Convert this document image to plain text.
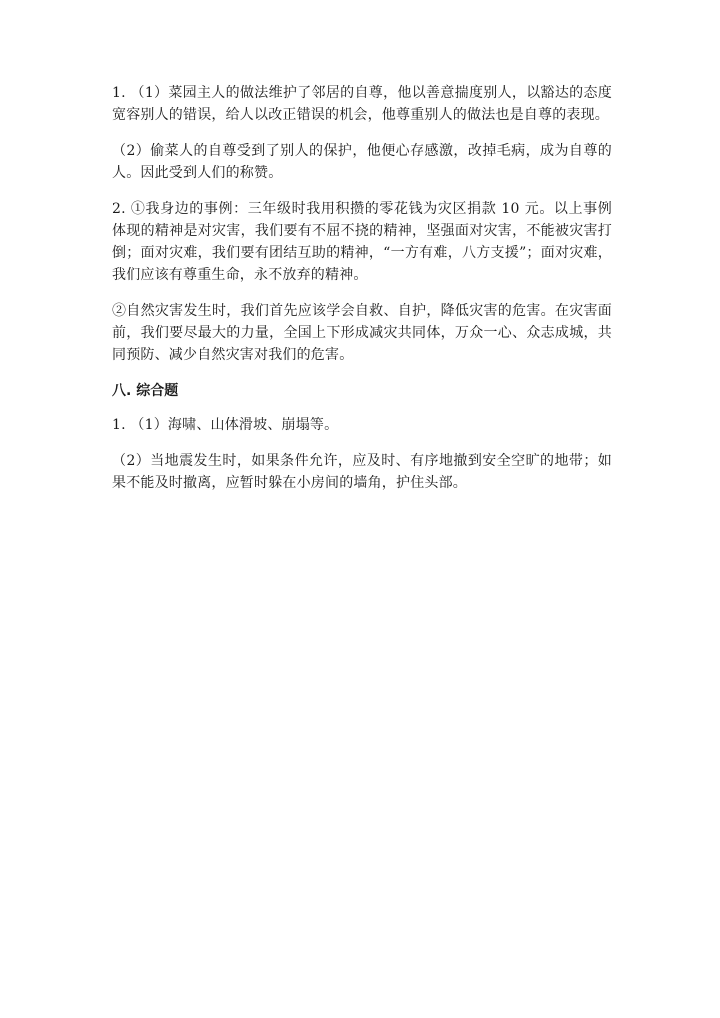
1. （1）菜园主人的做法维护了邻居的自尊，他以善意揣度别人，以豁达的态度宽容别人的错误，给人以改正错误的机会，他尊重别人的做法也是自尊的表现。

（2）偷菜人的自尊受到了别人的保护，他便心存感激，改掉毛病，成为自尊的人。因此受到人们的称赞。

2. ①我身边的事例：三年级时我用积攒的零花钱为灾区捐款 10 元。以上事例体现的精神是对灾害，我们要有不屈不挠的精神，坚强面对灾害，不能被灾害打倒；面对灾难，我们要有团结互助的精神，“一方有难，八方支援”；面对灾难，我们应该有尊重生命，永不放弃的精神。

②自然灾害发生时，我们首先应该学会自救、自护，降低灾害的危害。在灾害面前，我们要尽最大的力量，全国上下形成减灾共同体，万众一心、众志成城，共同预防、减少自然灾害对我们的危害。

八. 综合题

1. （1）海啸、山体滑坡、崩塌等。

（2）当地震发生时，如果条件允许，应及时、有序地撤到安全空旷的地带；如果不能及时撤离，应暂时躲在小房间的墙角，护住头部。
